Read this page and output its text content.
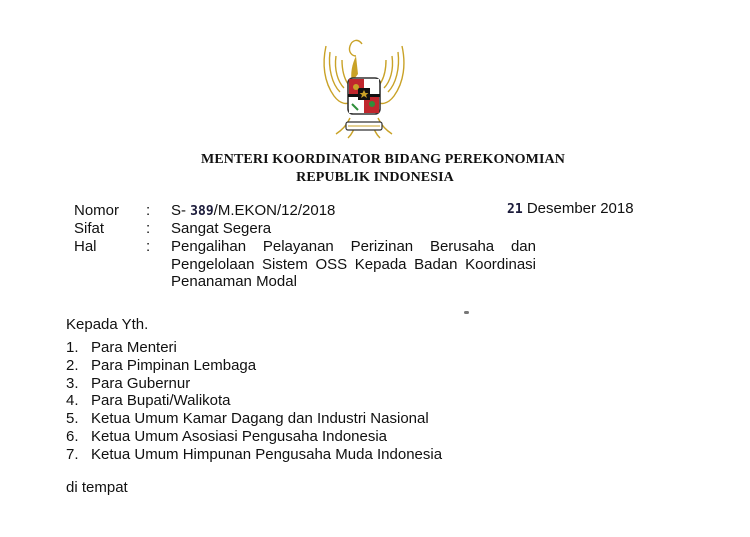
MENTERI KOORDINATOR BIDANG PEREKONOMIAN
REPUBLIK INDONESIA
Nomor : S- 389/M.EKON/12/2018	21 Desember 2018
Sifat	: Sangat Segera
Hal	: Pengalihan Pelayanan Perizinan Berusaha dan
Pengelolaan Sistem OSS Kepada Badan Koordinasi
Penanaman Modal
Kepada Yth.
1. Para Menteri
2. Para Pimpinan Lembaga
3. Para Gubernur
4. Para Bupati/Walikota
5. Ketua Umum Kamar Dagang dan Industri Nasional
6. Ketua Umum Asosiasi Pengusaha Indonesia
7. Ketua Umum Himpunan Pengusaha Muda Indonesia
di tempat
